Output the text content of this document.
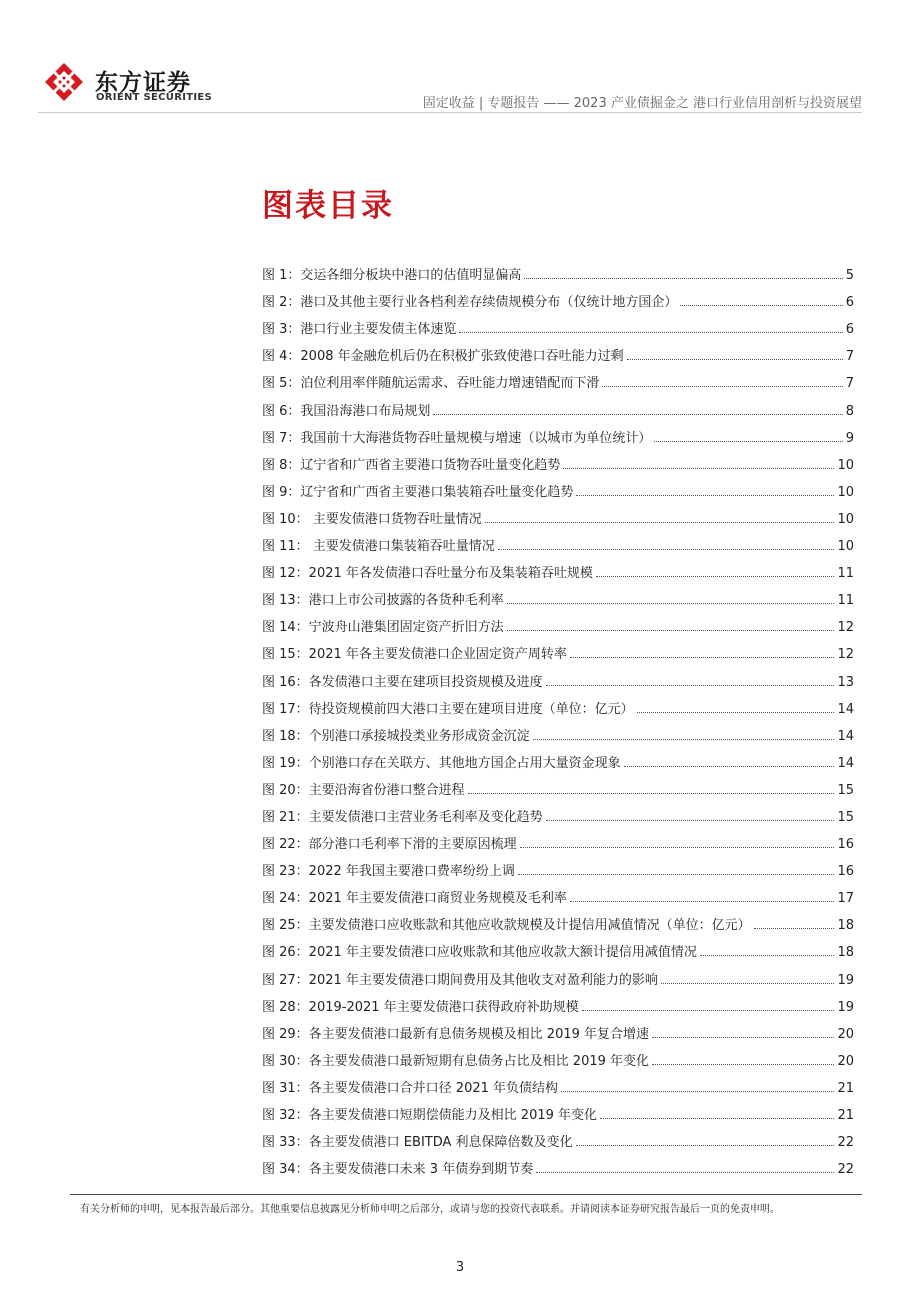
东方证券
ORIENT SECURITIES	固定收益 | 专题报告 —— 2023 产业债掘金之 港口行业信用剖析与投资展望
图表目录
图 1：交运各细分板块中港口的估值明显偏高	5
图 2：港口及其他主要行业各档利差存续债规模分布（仅统计地方国企）	6
图 3：港口行业主要发债主体速览	6
图 4：2008 年金融危机后仍在积极扩张致使港口吞吐能力过剩	7
图 5：泊位利用率伴随航运需求、吞吐能力增速错配而下滑	7
图 6：我国沿海港口布局规划	8
图 7：我国前十大海港货物吞吐量规模与增速（以城市为单位统计）	9
图 8：辽宁省和广西省主要港口货物吞吐量变化趋势	10
图 9：辽宁省和广西省主要港口集装箱吞吐量变化趋势	10
图 10： 主要发债港口货物吞吐量情况	10
图 11： 主要发债港口集装箱吞吐量情况	10
图 12：2021 年各发债港口吞吐量分布及集装箱吞吐规模	11
图 13：港口上市公司披露的各货种毛利率	11
图 14：宁波舟山港集团固定资产折旧方法	12
图 15：2021 年各主要发债港口企业固定资产周转率	12
图 16：各发债港口主要在建项目投资规模及进度	13
图 17：待投资规模前四大港口主要在建项目进度（单位：亿元）	14
图 18：个别港口承接城投类业务形成资金沉淀	14
图 19：个别港口存在关联方、其他地方国企占用大量资金现象	14
图 20：主要沿海省份港口整合进程	15
图 21：主要发债港口主营业务毛利率及变化趋势	15
图 22：部分港口毛利率下滑的主要原因梳理	16
图 23：2022 年我国主要港口费率纷纷上调	16
图 24：2021 年主要发债港口商贸业务规模及毛利率	17
图 25：主要发债港口应收账款和其他应收款规模及计提信用减值情况（单位：亿元）	18
图 26：2021 年主要发债港口应收账款和其他应收款大额计提信用减值情况	18
图 27：2021 年主要发债港口期间费用及其他收支对盈利能力的影响	19
图 28：2019-2021 年主要发债港口获得政府补助规模	19
图 29：各主要发债港口最新有息债务规模及相比 2019 年复合增速	20
图 30：各主要发债港口最新短期有息债务占比及相比 2019 年变化	20
图 31：各主要发债港口合并口径 2021 年负债结构	21
图 32：各主要发债港口短期偿债能力及相比 2019 年变化	21
图 33：各主要发债港口 EBITDA 利息保障倍数及变化	22
图 34：各主要发债港口未来 3 年债券到期节奏	22
有关分析师的申明，见本报告最后部分。其他重要信息披露见分析师申明之后部分，或请与您的投资代表联系。并请阅读本证券研究报告最后一页的免责申明。
3
